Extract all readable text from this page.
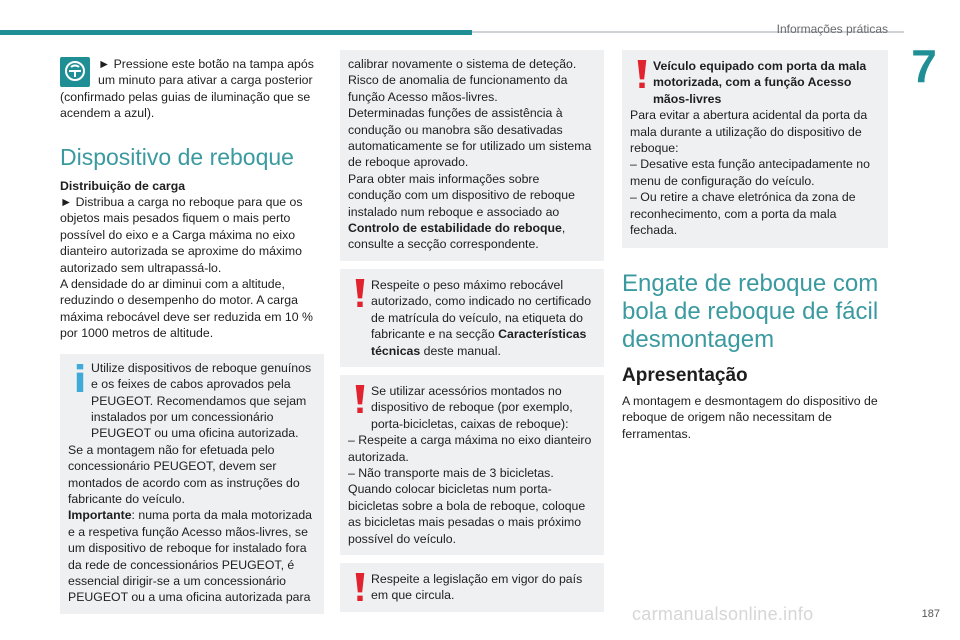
Informações práticas
7

► Pressione este botão na tampa após

um minuto para ativar a carga posterior

(confirmado pelas guias de iluminação que se acendem a azul).

Dispositivo de reboque

Distribuição de carga

► Distribua a carga no reboque para que os objetos mais pesados fiquem o mais perto possível do eixo e a Carga máxima no eixo dianteiro autorizada se aproxime do máximo autorizado sem ultrapassá-lo.

A densidade do ar diminui com a altitude, reduzindo o desempenho do motor. A carga máxima rebocável deve ser reduzida em 10 % por 1000 metros de altitude.

Utilize dispositivos de reboque genuínos e os feixes de cabos aprovados pela PEUGEOT. Recomendamos que sejam instalados por um concessionário PEUGEOT ou uma oficina autorizada.

Se a montagem não for efetuada pelo concessionário PEUGEOT, devem ser montados de acordo com as instruções do fabricante do veículo.

Importante: numa porta da mala motorizada e a respetiva função Acesso mãos-livres, se um dispositivo de reboque for instalado fora da rede de concessionários PEUGEOT, é essencial dirigir-se a um concessionário PEUGEOT ou a uma oficina autorizada para

calibrar novamente o sistema de deteção.

Risco de anomalia de funcionamento da função Acesso mãos-livres.

Determinadas funções de assistência à condução ou manobra são desativadas automaticamente se for utilizado um sistema de reboque aprovado.

Para obter mais informações sobre condução com um dispositivo de reboque instalado num reboque e associado ao Controlo de estabilidade do reboque, consulte a secção correspondente.

Respeite o peso máximo rebocável autorizado, como indicado no certificado de matrícula do veículo, na etiqueta do fabricante e na secção Características técnicas deste manual.

Se utilizar acessórios montados no dispositivo de reboque (por exemplo, porta-bicicletas, caixas de reboque):

– Respeite a carga máxima no eixo dianteiro autorizada.

– Não transporte mais de 3 bicicletas.

Quando colocar bicicletas num porta-bicicletas sobre a bola de reboque, coloque as bicicletas mais pesadas o mais próximo possível do veículo.

Respeite a legislação em vigor do país em que circula.

Veículo equipado com porta da mala motorizada, com a função Acesso mãos-livres

Para evitar a abertura acidental da porta da mala durante a utilização do dispositivo de reboque:

– Desative esta função antecipadamente no menu de configuração do veículo.

– Ou retire a chave eletrónica da zona de reconhecimento, com a porta da mala fechada.

Engate de reboque com bola de reboque de fácil desmontagem
Apresentação

A montagem e desmontagem do dispositivo de reboque de origem não necessitam de ferramentas.

carmanualsonline.info	187
